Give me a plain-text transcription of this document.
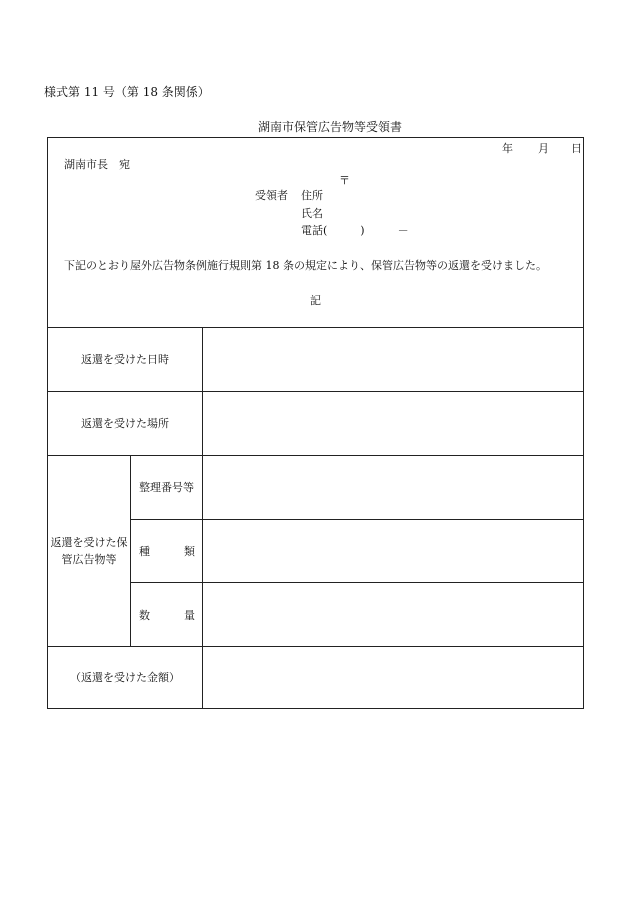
様式第 11 号（第 18 条関係）
湖南市保管広告物等受領書
年 月 日
湖南市長　宛
〒
受領者 住所
氏名
電話(　　　)　　　－
下記のとおり屋外広告物条例施行規則第 18 条の規定により、保管広告物等の返還を受けました。
記
返還を受けた日時
返還を受けた場所
返還を受けた保管広告物等
整理番号等
種	類
数	量
（返還を受けた金額）
